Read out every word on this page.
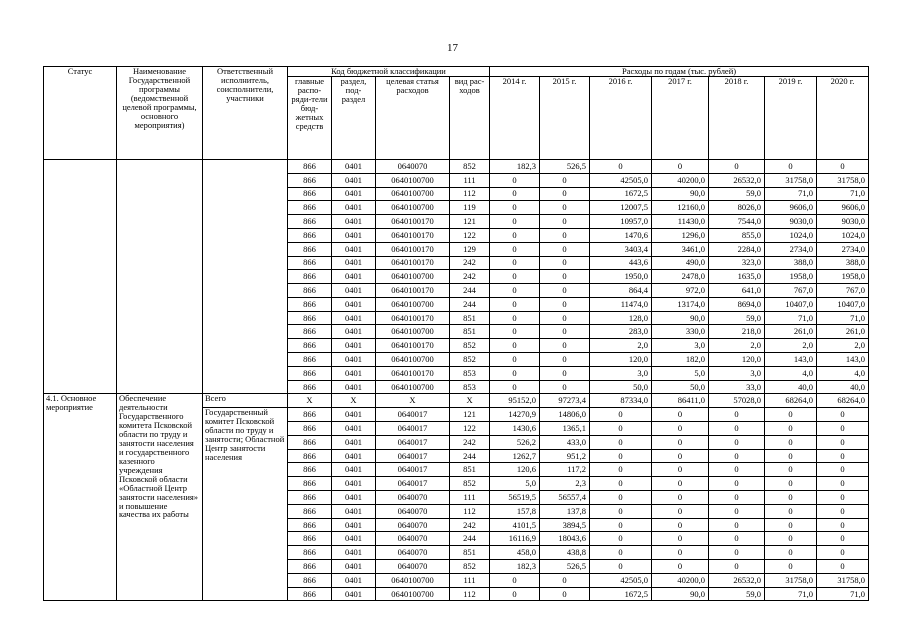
17
Статус	Наименование Государственной программы (ведомственной целевой программы, основного мероприятия)	Ответственный исполнитель, соисполнители, участники	Код бюджетной классификации				Расходы по годам (тыс. рублей)						
			главные распо-ряди-тели бюд-жетных средств	раздел, под-раздел	целевая статья расходов	вид рас-ходов	2014 г.	2015 г.	2016 г.	2017 г.	2018 г.	2019 г.	2020 г.
			866	0401	0640070	852	182,3	526,5	0	0	0	0	0
			866	0401	0640100700	111	0	0	42505,0	40200,0	26532,0	31758,0	31758,0
			866	0401	0640100700	112	0	0	1672,5	90,0	59,0	71,0	71,0
			866	0401	0640100700	119	0	0	12007,5	12160,0	8026,0	9606,0	9606,0
			866	0401	0640100170	121	0	0	10957,0	11430,0	7544,0	9030,0	9030,0
			866	0401	0640100170	122	0	0	1470,6	1296,0	855,0	1024,0	1024,0
			866	0401	0640100170	129	0	0	3403,4	3461,0	2284,0	2734,0	2734,0
			866	0401	0640100170	242	0	0	443,6	490,0	323,0	388,0	388,0
			866	0401	0640100700	242	0	0	1950,0	2478,0	1635,0	1958,0	1958,0
			866	0401	0640100170	244	0	0	864,4	972,0	641,0	767,0	767,0
			866	0401	0640100700	244	0	0	11474,0	13174,0	8694,0	10407,0	10407,0
			866	0401	0640100170	851	0	0	128,0	90,0	59,0	71,0	71,0
			866	0401	0640100700	851	0	0	283,0	330,0	218,0	261,0	261,0
			866	0401	0640100170	852	0	0	2,0	3,0	2,0	2,0	2,0
			866	0401	0640100700	852	0	0	120,0	182,0	120,0	143,0	143,0
			866	0401	0640100170	853	0	0	3,0	5,0	3,0	4,0	4,0
			866	0401	0640100700	853	0	0	50,0	50,0	33,0	40,0	40,0
4.1. Основное мероприятие	Обеспечение деятельности Государственного комитета Псковской области по труду и занятости населения и государственного казенного учреждения Псковской области «Областной Центр занятости населения» и повышение качества их работы	Всего	Х	Х	Х	Х	95152,0	97273,4	87334,0	86411,0	57028,0	68264,0	68264,0
		Государственный комитет Псковской области по труду и занятости; Областной Центр занятости населения	866	0401	0640017	121	14270,9	14806,0	0	0	0	0	0
			866	0401	0640017	122	1430,6	1365,1	0	0	0	0	0
			866	0401	0640017	242	526,2	433,0	0	0	0	0	0
			866	0401	0640017	244	1262,7	951,2	0	0	0	0	0
			866	0401	0640017	851	120,6	117,2	0	0	0	0	0
			866	0401	0640017	852	5,0	2,3	0	0	0	0	0
			866	0401	0640070	111	56519,5	56557,4	0	0	0	0	0
			866	0401	0640070	112	157,8	137,8	0	0	0	0	0
			866	0401	0640070	242	4101,5	3894,5	0	0	0	0	0
			866	0401	0640070	244	16116,9	18043,6	0	0	0	0	0
			866	0401	0640070	851	458,0	438,8	0	0	0	0	0
			866	0401	0640070	852	182,3	526,5	0	0	0	0	0
			866	0401	0640100700	111	0	0	42505,0	40200,0	26532,0	31758,0	31758,0
			866	0401	0640100700	112	0	0	1672,5	90,0	59,0	71,0	71,0
